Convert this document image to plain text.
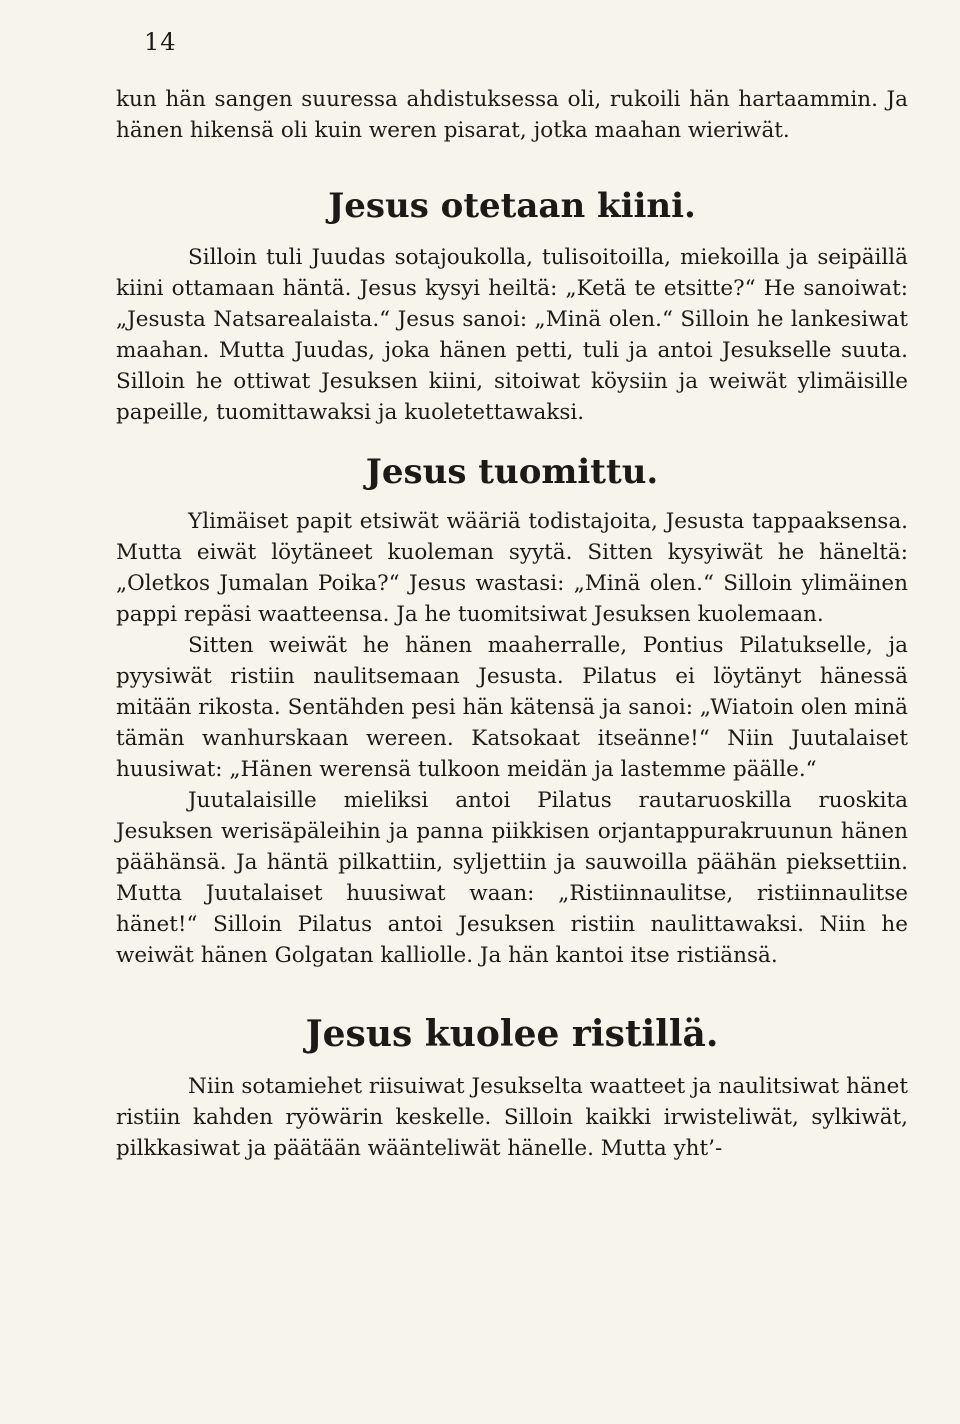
14

kun hän sangen suuressa ahdistuksessa oli, rukoili hän hartaammin. Ja hänen hikensä oli kuin weren pisarat, jotka maahan wieriwät.

Jesus otetaan kiini.

Silloin tuli Juudas sotajoukolla, tulisoitoilla, miekoilla ja seipäillä kiini ottamaan häntä. Jesus kysyi heiltä: „Ketä te etsitte?“ He sanoiwat: „Jesusta Natsarealaista.“ Jesus sanoi: „Minä olen.“ Silloin he lankesiwat maahan. Mutta Juudas, joka hänen petti, tuli ja antoi Jesukselle suuta. Silloin he ottiwat Jesuksen kiini, sitoiwat köysiin ja weiwät ylimäisille papeille, tuomittawaksi ja kuoletettawaksi.

Jesus tuomittu.

Ylimäiset papit etsiwät wääriä todistajoita, Jesusta tappaaksensa. Mutta eiwät löytäneet kuoleman syytä. Sitten kysyiwät he häneltä: „Oletkos Jumalan Poika?“ Jesus wastasi: „Minä olen.“ Silloin ylimäinen pappi repäsi waatteensa. Ja he tuomitsiwat Jesuksen kuolemaan.

Sitten weiwät he hänen maaherralle, Pontius Pilatukselle, ja pyysiwät ristiin naulitsemaan Jesusta. Pilatus ei löytänyt hänessä mitään rikosta. Sentähden pesi hän kätensä ja sanoi: „Wiatoin olen minä tämän wanhurskaan wereen. Katsokaat itseänne!“ Niin Juutalaiset huusiwat: „Hänen werensä tulkoon meidän ja lastemme päälle.“

Juutalaisille mieliksi antoi Pilatus rautaruoskilla ruoskita Jesuksen werisäpäleihin ja panna piikkisen orjantappurakruunun hänen päähänsä. Ja häntä pilkattiin, syljettiin ja sauwoilla päähän pieksettiin. Mutta Juutalaiset huusiwat waan: „Ristiinnaulitse, ristiinnaulitse hänet!“ Silloin Pilatus antoi Jesuksen ristiin naulittawaksi. Niin he weiwät hänen Golgatan kalliolle. Ja hän kantoi itse ristiänsä.

Jesus kuolee ristillä.

Niin sotamiehet riisuiwat Jesukselta waatteet ja naulitsiwat hänet ristiin kahden ryöwärin keskelle. Silloin kaikki irwisteliwät, sylkiwät, pilkkasiwat ja päätään wäänteliwät hänelle. Mutta yht’-
